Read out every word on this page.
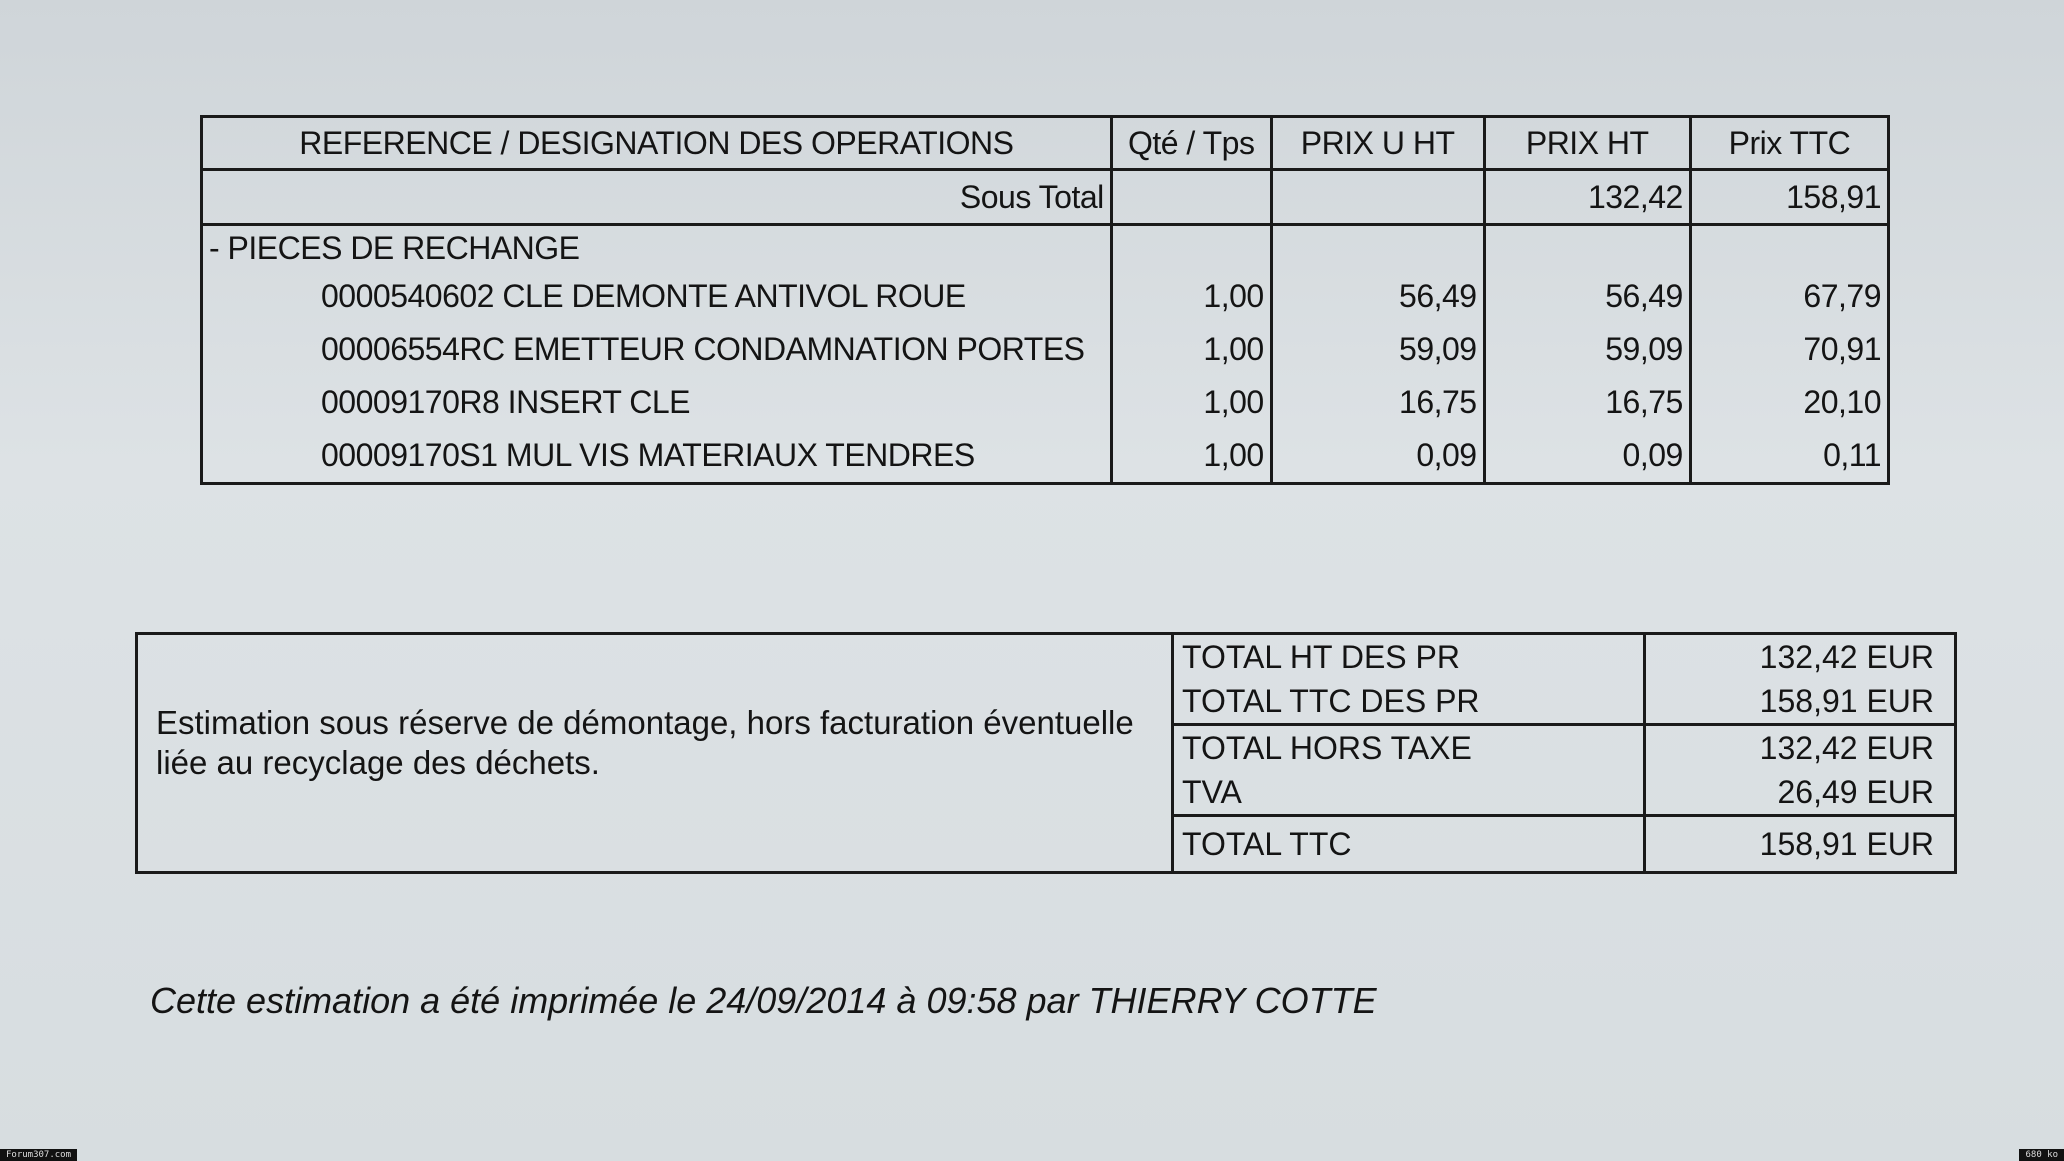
REFERENCE / DESIGNATION DES OPERATIONS	Qté / Tps	PRIX U HT	PRIX HT	Prix TTC
Sous Total			132,42	158,91
- PIECES DE RECHANGE				
0000540602 CLE DEMONTE ANTIVOL ROUE	1,00	56,49	56,49	67,79
00006554RC EMETTEUR CONDAMNATION PORTES	1,00	59,09	59,09	70,91
00009170R8 INSERT CLE	1,00	16,75	16,75	20,10
00009170S1 MUL VIS MATERIAUX TENDRES	1,00	0,09	0,09	0,11

Estimation sous réserve de démontage, hors facturation éventuelle
liée au recyclage des déchets.

TOTAL HT DES PR	132,42 EUR
TOTAL TTC DES PR	158,91 EUR
TOTAL HORS TAXE	132,42 EUR
TVA	26,49 EUR
TOTAL TTC	158,91 EUR
Cette estimation a été imprimée le 24/09/2014 à 09:58 par THIERRY COTTE
Forum307.com	680 ko
